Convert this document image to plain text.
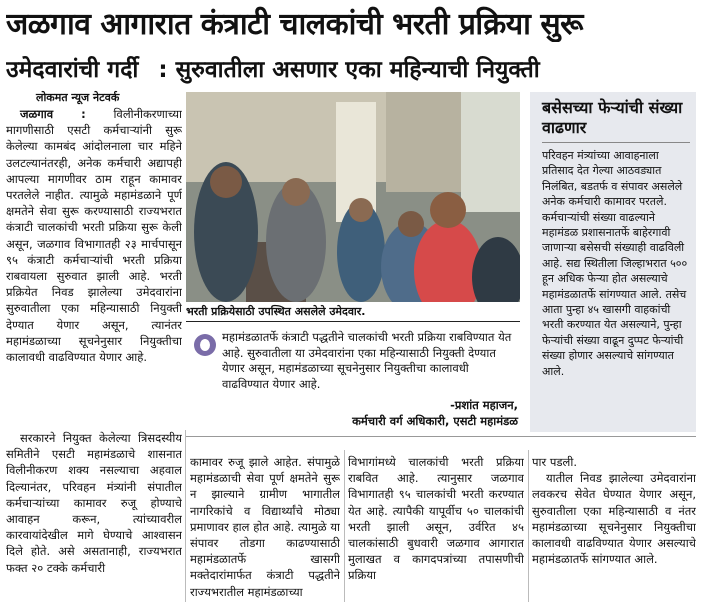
जळगाव आगारात कंत्राटी चालकांची भरती प्रक्रिया सुरू
उमेदवारांची गर्दी : सुरुवातीला असणार एका महिन्याची नियुक्ती
लोकमत न्यूज नेटवर्क

जळगाव : विलीनीकरणाच्या मागणीसाठी एसटी कर्मचाऱ्यांनी सुरू केलेल्या कामबंद आंदोलनाला चार महिने उलटल्यानंतरही, अनेक कर्मचारी अद्यापही आपल्या मागणीवर ठाम राहून कामावर परतलेले नाहीत. त्यामुळे महामंडळाने पूर्ण क्षमतेने सेवा सुरू करण्यासाठी राज्यभरात कंत्राटी चालकांची भरती प्रक्रिया सुरू केली असून, जळगाव विभागातही २३ मार्चपासून ९५ कंत्राटी कर्मचाऱ्यांची भरती प्रक्रिया राबवायला सुरुवात झाली आहे. भरती प्रक्रियेत निवड झालेल्या उमेदवारांना सुरुवातीला एका महिन्यासाठी नियुक्ती देण्यात येणार असून, त्यानंतर महामंडळाच्या सूचनेनुसार नियुक्तीचा कालावधी वाढविण्यात येणार आहे.

भरती प्रक्रियेसाठी उपस्थित असलेले उमेदवार.
महामंडळातर्फे कंत्राटी पद्धतीने चालकांची भरती प्रक्रिया राबविण्यात येत आहे. सुरुवातीला या उमेदवारांना एका महिन्यासाठी नियुक्ती देण्यात येणार असून, महामंडळाच्या सूचनेनुसार नियुक्तीचा कालावधी वाढविण्यात येणार आहे.
-प्रशांत महाजन,
कर्मचारी वर्ग अधिकारी, एसटी महामंडळ
बसेसच्या फेऱ्यांची संख्या वाढणार
परिवहन मंत्र्यांच्या आवाहनाला प्रतिसाद देत गेल्या आठवड्यात निलंबित, बडतर्फ व संपावर असलेले अनेक कर्मचारी कामावर परतले. कर्मचाऱ्यांची संख्या वाढल्याने महामंडळ प्रशासनातर्फे बाहेरगावी जाणाऱ्या बसेसची संख्याही वाढविली आहे. सद्य स्थितीला जिल्हाभरात ५०० हून अधिक फेऱ्या होत असल्याचे महामंडळातर्फे सांगण्यात आले. तसेच आता पुन्हा ४५ खासगी वाहकांची भरती करण्यात येत असल्याने, पुन्हा फेऱ्यांची संख्या वाढून दुप्पट फेऱ्यांची संख्या होणार असल्याचे सांगण्यात आले.

सरकारने नियुक्त केलेल्या त्रिसदस्यीय समितीने एसटी महामंडळाचे शासनात विलीनीकरण शक्य नसल्याचा अहवाल दिल्यानंतर, परिवहन मंत्र्यांनी संपातील कर्मचाऱ्यांच्या कामावर रुजू होण्याचे आवाहन करून, त्यांच्यावरील कारवायांदेखील मागे घेण्याचे आश्वासन दिले होते. असे असतानाही, राज्यभरात फक्त २० टक्के कर्मचारी

कामावर रुजू झाले आहेत. संपामुळे महामंडळाची सेवा पूर्ण क्षमतेने सुरू न झाल्याने ग्रामीण भागातील नागरिकांचे व विद्यार्थ्यांचे मोठ्या प्रमाणावर हाल होत आहे. त्यामुळे या संपावर तोडगा काढण्यासाठी महामंडळातर्फे खासगी मक्तेदारांमार्फत कंत्राटी पद्धतीने राज्यभरातील महामंडळाच्या
विभागांमध्ये चालकांची भरती प्रक्रिया राबवित आहे. त्यानुसार जळगाव विभागातही ९५ चालकांची भरती करण्यात येत आहे. त्यापैकी यापूर्वीच ५० चालकांची भरती झाली असून, उर्वरित ४५ चालकांसाठी बुधवारी जळगाव आगारात मुलाखत व कागदपत्रांच्या तपासणीची प्रक्रिया
पार पडली.

यातील निवड झालेल्या उमेदवारांना लवकरच सेवेत घेण्यात येणार असून, सुरुवातीला एका महिन्यासाठी व नंतर महामंडळाच्या सूचनेनुसार नियुक्तीचा कालावधी वाढविण्यात येणार असल्याचे महामंडळातर्फे सांगण्यात आले.
